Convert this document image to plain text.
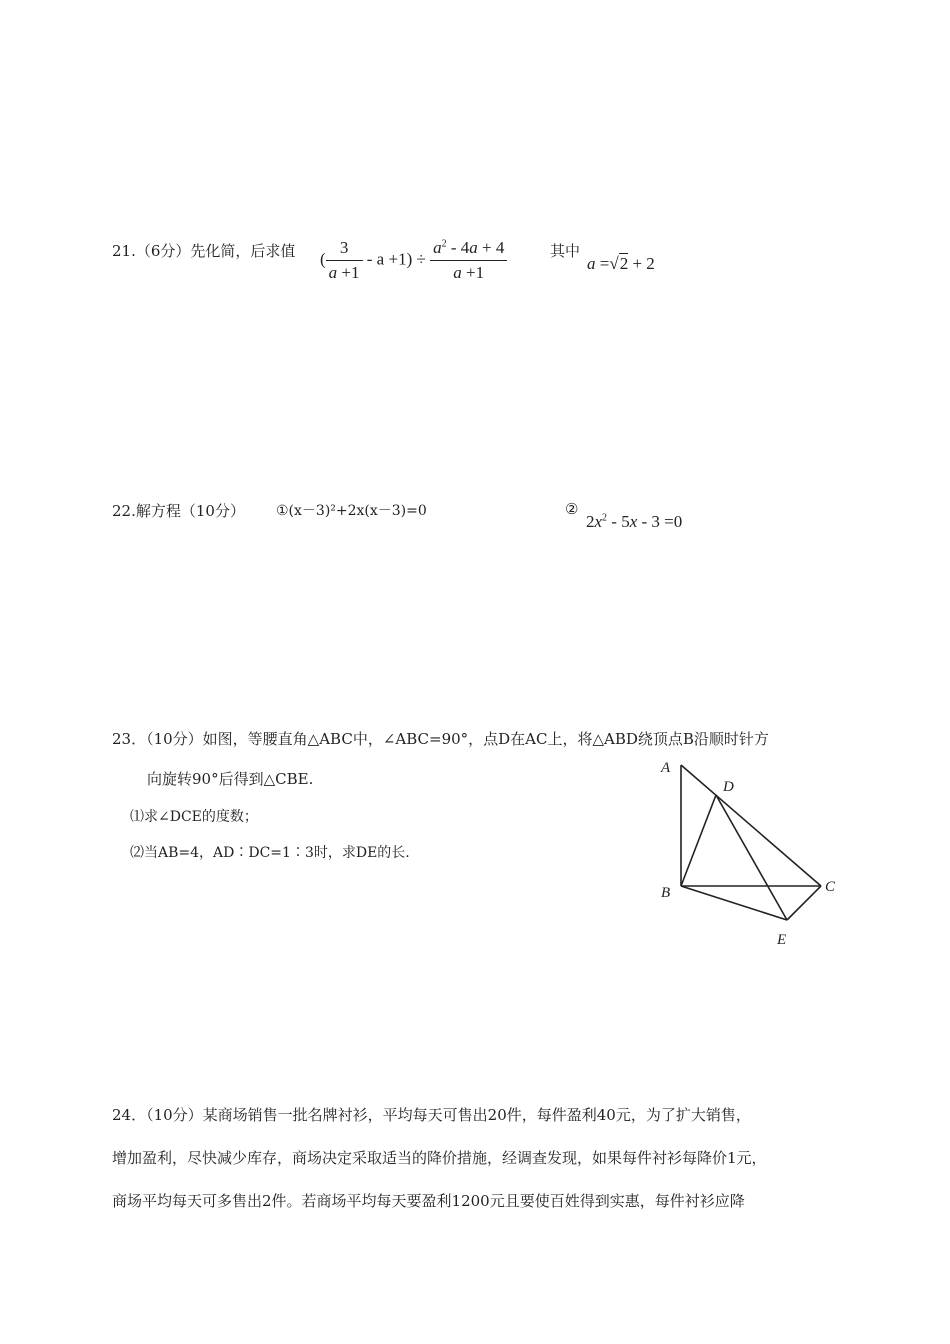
21.（6分）先化简，后求值 ( $\frac{3}{a +1} - a +1) \div \frac{a^2 - 4a + 4}{a +1}$	其中
a =√2 + 2
22.解方程（10分） ①(x－3)²+2x(x－3)=0	②
$2x^2 - 5x - 3 =0$
23．（10分）如图，等腰直角△ABC中，∠ABC=90°，点D在AC上，将△ABD绕顶点B沿顺时针方
向旋转90°后得到△CBE.
⑴求∠DCE的度数；
⑵当AB=4，AD∶DC=1∶3时，求DE的长.
A
D
B	C
E
24．（10分）某商场销售一批名牌衬衫，平均每天可售出20件，每件盈利40元，为了扩大销售，
增加盈利，尽快减少库存，商场决定采取适当的降价措施，经调查发现，如果每件衬衫每降价1元，
商场平均每天可多售出2件。若商场平均每天要盈利1200元且要使百姓得到实惠，每件衬衫应降
